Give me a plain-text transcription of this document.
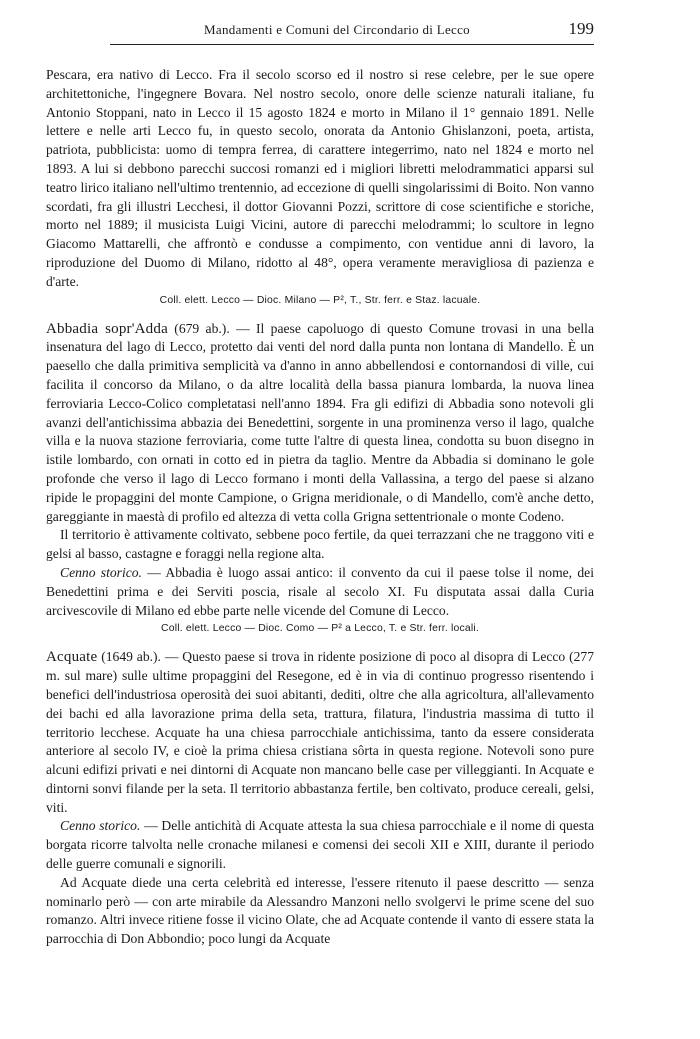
Mandamenti e Comuni del Circondario di Lecco	199

Pescara, era nativo di Lecco. Fra il secolo scorso ed il nostro si rese celebre, per le sue opere architettoniche, l'ingegnere Bovara. Nel nostro secolo, onore delle scienze naturali italiane, fu Antonio Stoppani, nato in Lecco il 15 agosto 1824 e morto in Milano il 1° gennaio 1891. Nelle lettere e nelle arti Lecco fu, in questo secolo, onorata da Antonio Ghislanzoni, poeta, artista, patriota, pubblicista: uomo di tempra ferrea, di carattere integerrimo, nato nel 1824 e morto nel 1893. A lui si debbono parecchi succosi romanzi ed i migliori libretti melodrammatici apparsi sul teatro lirico italiano nell'ultimo trentennio, ad eccezione di quelli singolarissimi di Boito. Non vanno scordati, fra gli illustri Lecchesi, il dottor Giovanni Pozzi, scrittore di cose scientifiche e storiche, morto nel 1889; il musicista Luigi Vicini, autore di parecchi melodrammi; lo scultore in legno Giacomo Mattarelli, che affrontò e condusse a compimento, con ventidue anni di lavoro, la riproduzione del Duomo di Milano, ridotto al 48°, opera veramente meravigliosa di pazienza e d'arte.

Coll. elett. Lecco — Dioc. Milano — P², T., Str. ferr. e Staz. lacuale.

Abbadia sopr'Adda (679 ab.). — Il paese capoluogo di questo Comune trovasi in una bella insenatura del lago di Lecco, protetto dai venti del nord dalla punta non lontana di Mandello. È un paesello che dalla primitiva semplicità va d'anno in anno abbellendosi e contornandosi di ville, cui facilita il concorso da Milano, o da altre località della bassa pianura lombarda, la nuova linea ferroviaria Lecco-Colico completatasi nell'anno 1894. Fra gli edifizi di Abbadia sono notevoli gli avanzi dell'antichissima abbazia dei Benedettini, sorgente in una prominenza verso il lago, qualche villa e la nuova stazione ferroviaria, come tutte l'altre di questa linea, condotta su buon disegno in istile lombardo, con ornati in cotto ed in pietra da taglio. Mentre da Abbadia si dominano le gole profonde che verso il lago di Lecco formano i monti della Vallassina, a tergo del paese si alzano ripide le propaggini del monte Campione, o Grigna meridionale, o di Mandello, com'è anche detto, gareggiante in maestà di profilo ed altezza di vetta colla Grigna settentrionale o monte Codeno.

Il territorio è attivamente coltivato, sebbene poco fertile, da quei terrazzani che ne traggono viti e gelsi al basso, castagne e foraggi nella regione alta.

Cenno storico. — Abbadia è luogo assai antico: il convento da cui il paese tolse il nome, dei Benedettini prima e dei Serviti poscia, risale al secolo XI. Fu disputata assai dalla Curia arcivescovile di Milano ed ebbe parte nelle vicende del Comune di Lecco.

Coll. elett. Lecco — Dioc. Como — P² a Lecco, T. e Str. ferr. locali.

Acquate (1649 ab.). — Questo paese si trova in ridente posizione di poco al disopra di Lecco (277 m. sul mare) sulle ultime propaggini del Resegone, ed è in via di continuo progresso risentendo i benefici dell'industriosa operosità dei suoi abitanti, dediti, oltre che alla agricoltura, all'allevamento dei bachi ed alla lavorazione prima della seta, trattura, filatura, l'industria massima di tutto il territorio lecchese. Acquate ha una chiesa parrocchiale antichissima, tanto da essere considerata anteriore al secolo IV, e cioè la prima chiesa cristiana sôrta in questa regione. Notevoli sono pure alcuni edifizi privati e nei dintorni di Acquate non mancano belle case per villeggianti. In Acquate e dintorni sonvi filande per la seta. Il territorio abbastanza fertile, ben coltivato, produce cereali, gelsi, viti.

Cenno storico. — Delle antichità di Acquate attesta la sua chiesa parrocchiale e il nome di questa borgata ricorre talvolta nelle cronache milanesi e comensi dei secoli XII e XIII, durante il periodo delle guerre comunali e signorili.

Ad Acquate diede una certa celebrità ed interesse, l'essere ritenuto il paese descritto — senza nominarlo però — con arte mirabile da Alessandro Manzoni nello svolgervi le prime scene del suo romanzo. Altri invece ritiene fosse il vicino Olate, che ad Acquate contende il vanto di essere stata la parrocchia di Don Abbondio; poco lungi da Acquate
